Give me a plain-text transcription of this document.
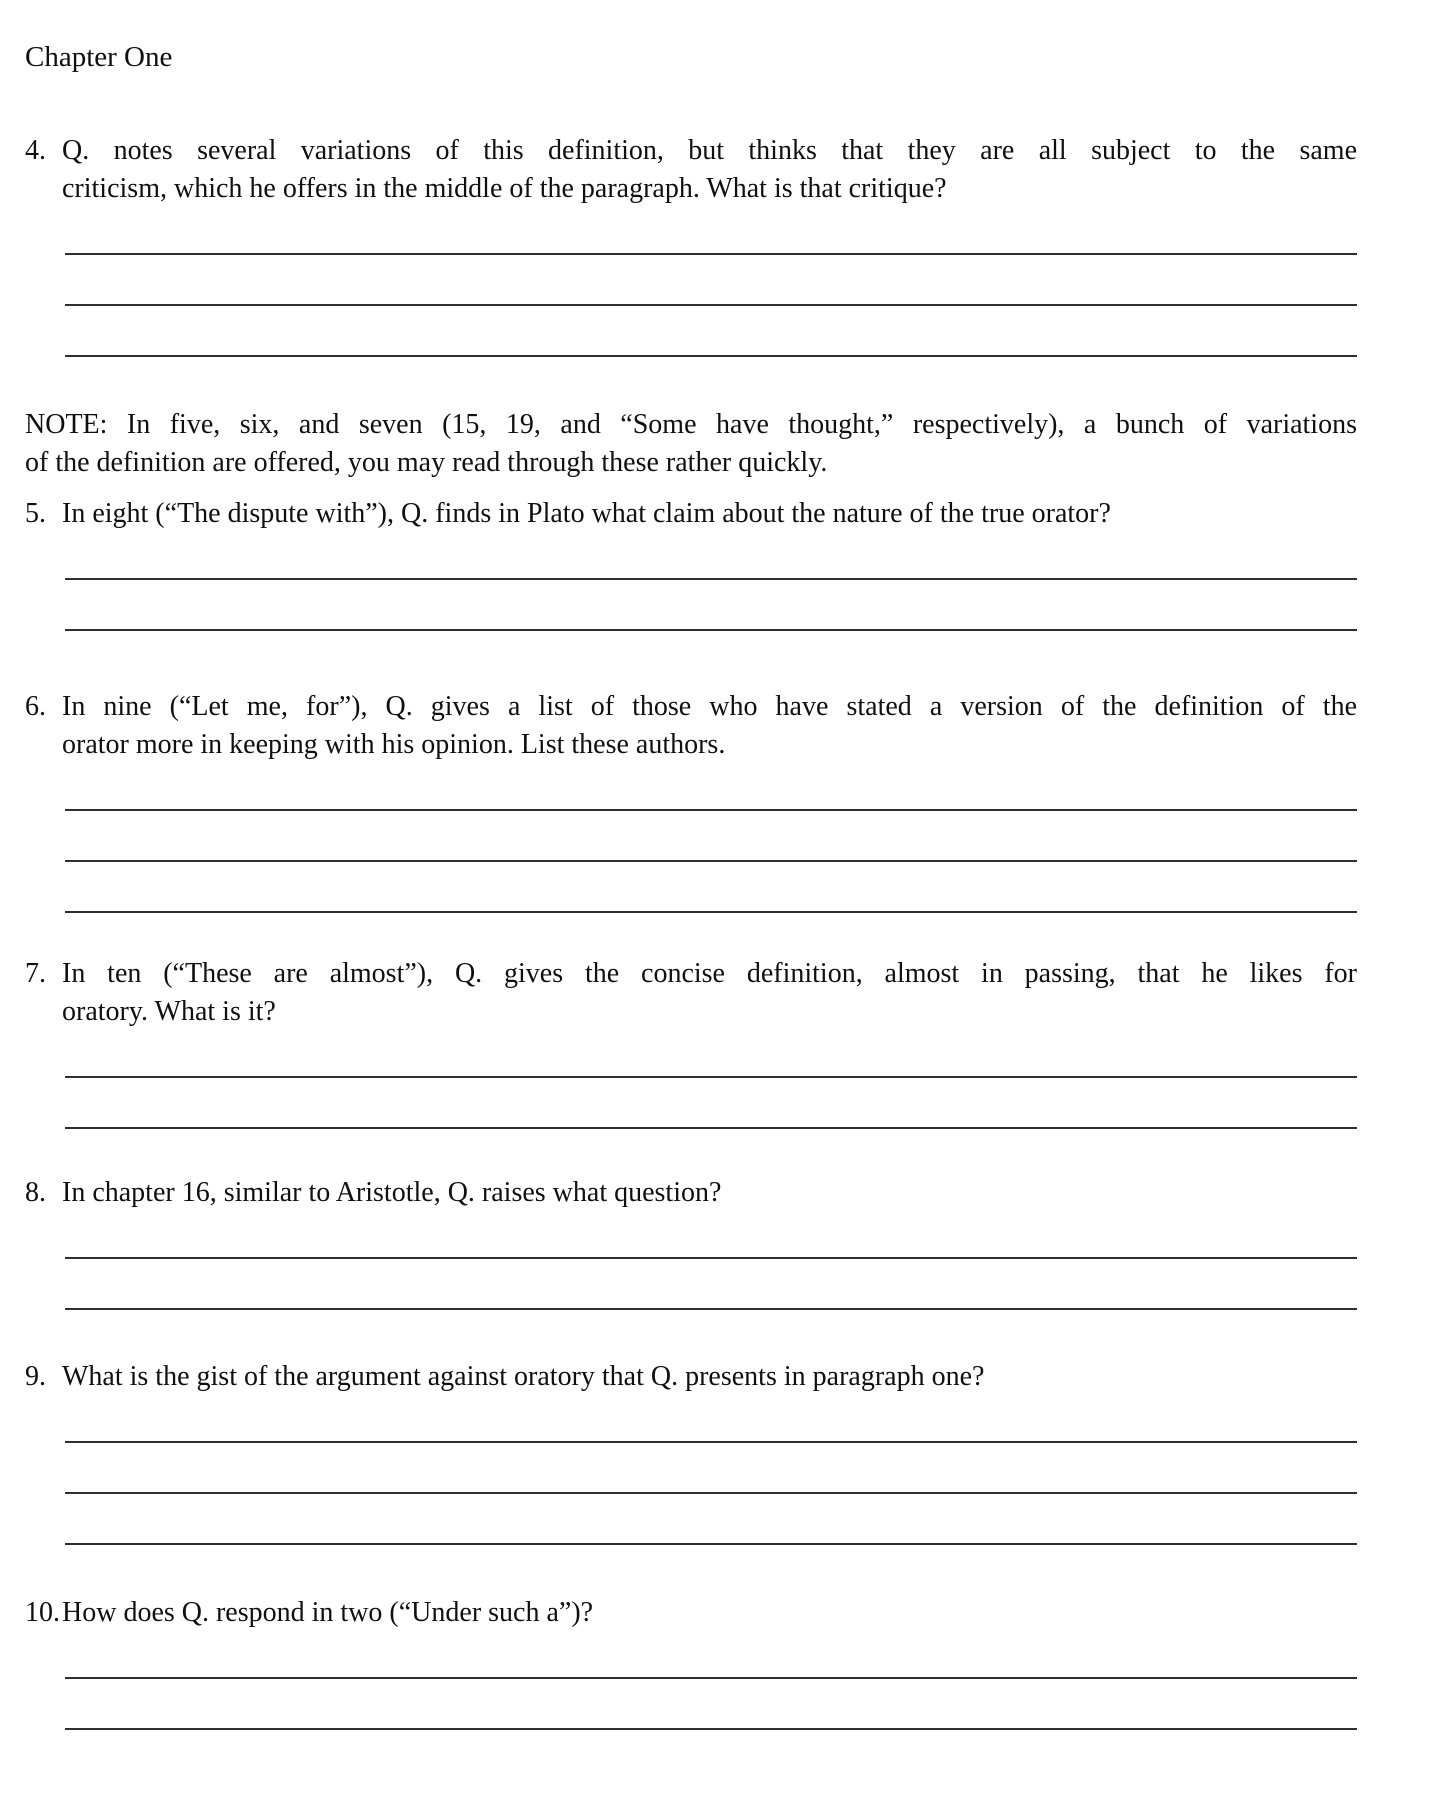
Chapter One
4. Q. notes several variations of this definition, but thinks that they are all subject to the same
criticism, which he offers in the middle of the paragraph. What is that critique?
NOTE: In five, six, and seven (15, 19, and “Some have thought,” respectively), a bunch of variations
of the definition are offered, you may read through these rather quickly.
5. In eight (“The dispute with”), Q. finds in Plato what claim about the nature of the true orator?
6. In nine (“Let me, for”), Q. gives a list of those who have stated a version of the definition of the
orator more in keeping with his opinion. List these authors.
7. In ten (“These are almost”), Q. gives the concise definition, almost in passing, that he likes for
oratory. What is it?
8. In chapter 16, similar to Aristotle, Q. raises what question?
9. What is the gist of the argument against oratory that Q. presents in paragraph one?
10.How does Q. respond in two (“Under such a”)?
